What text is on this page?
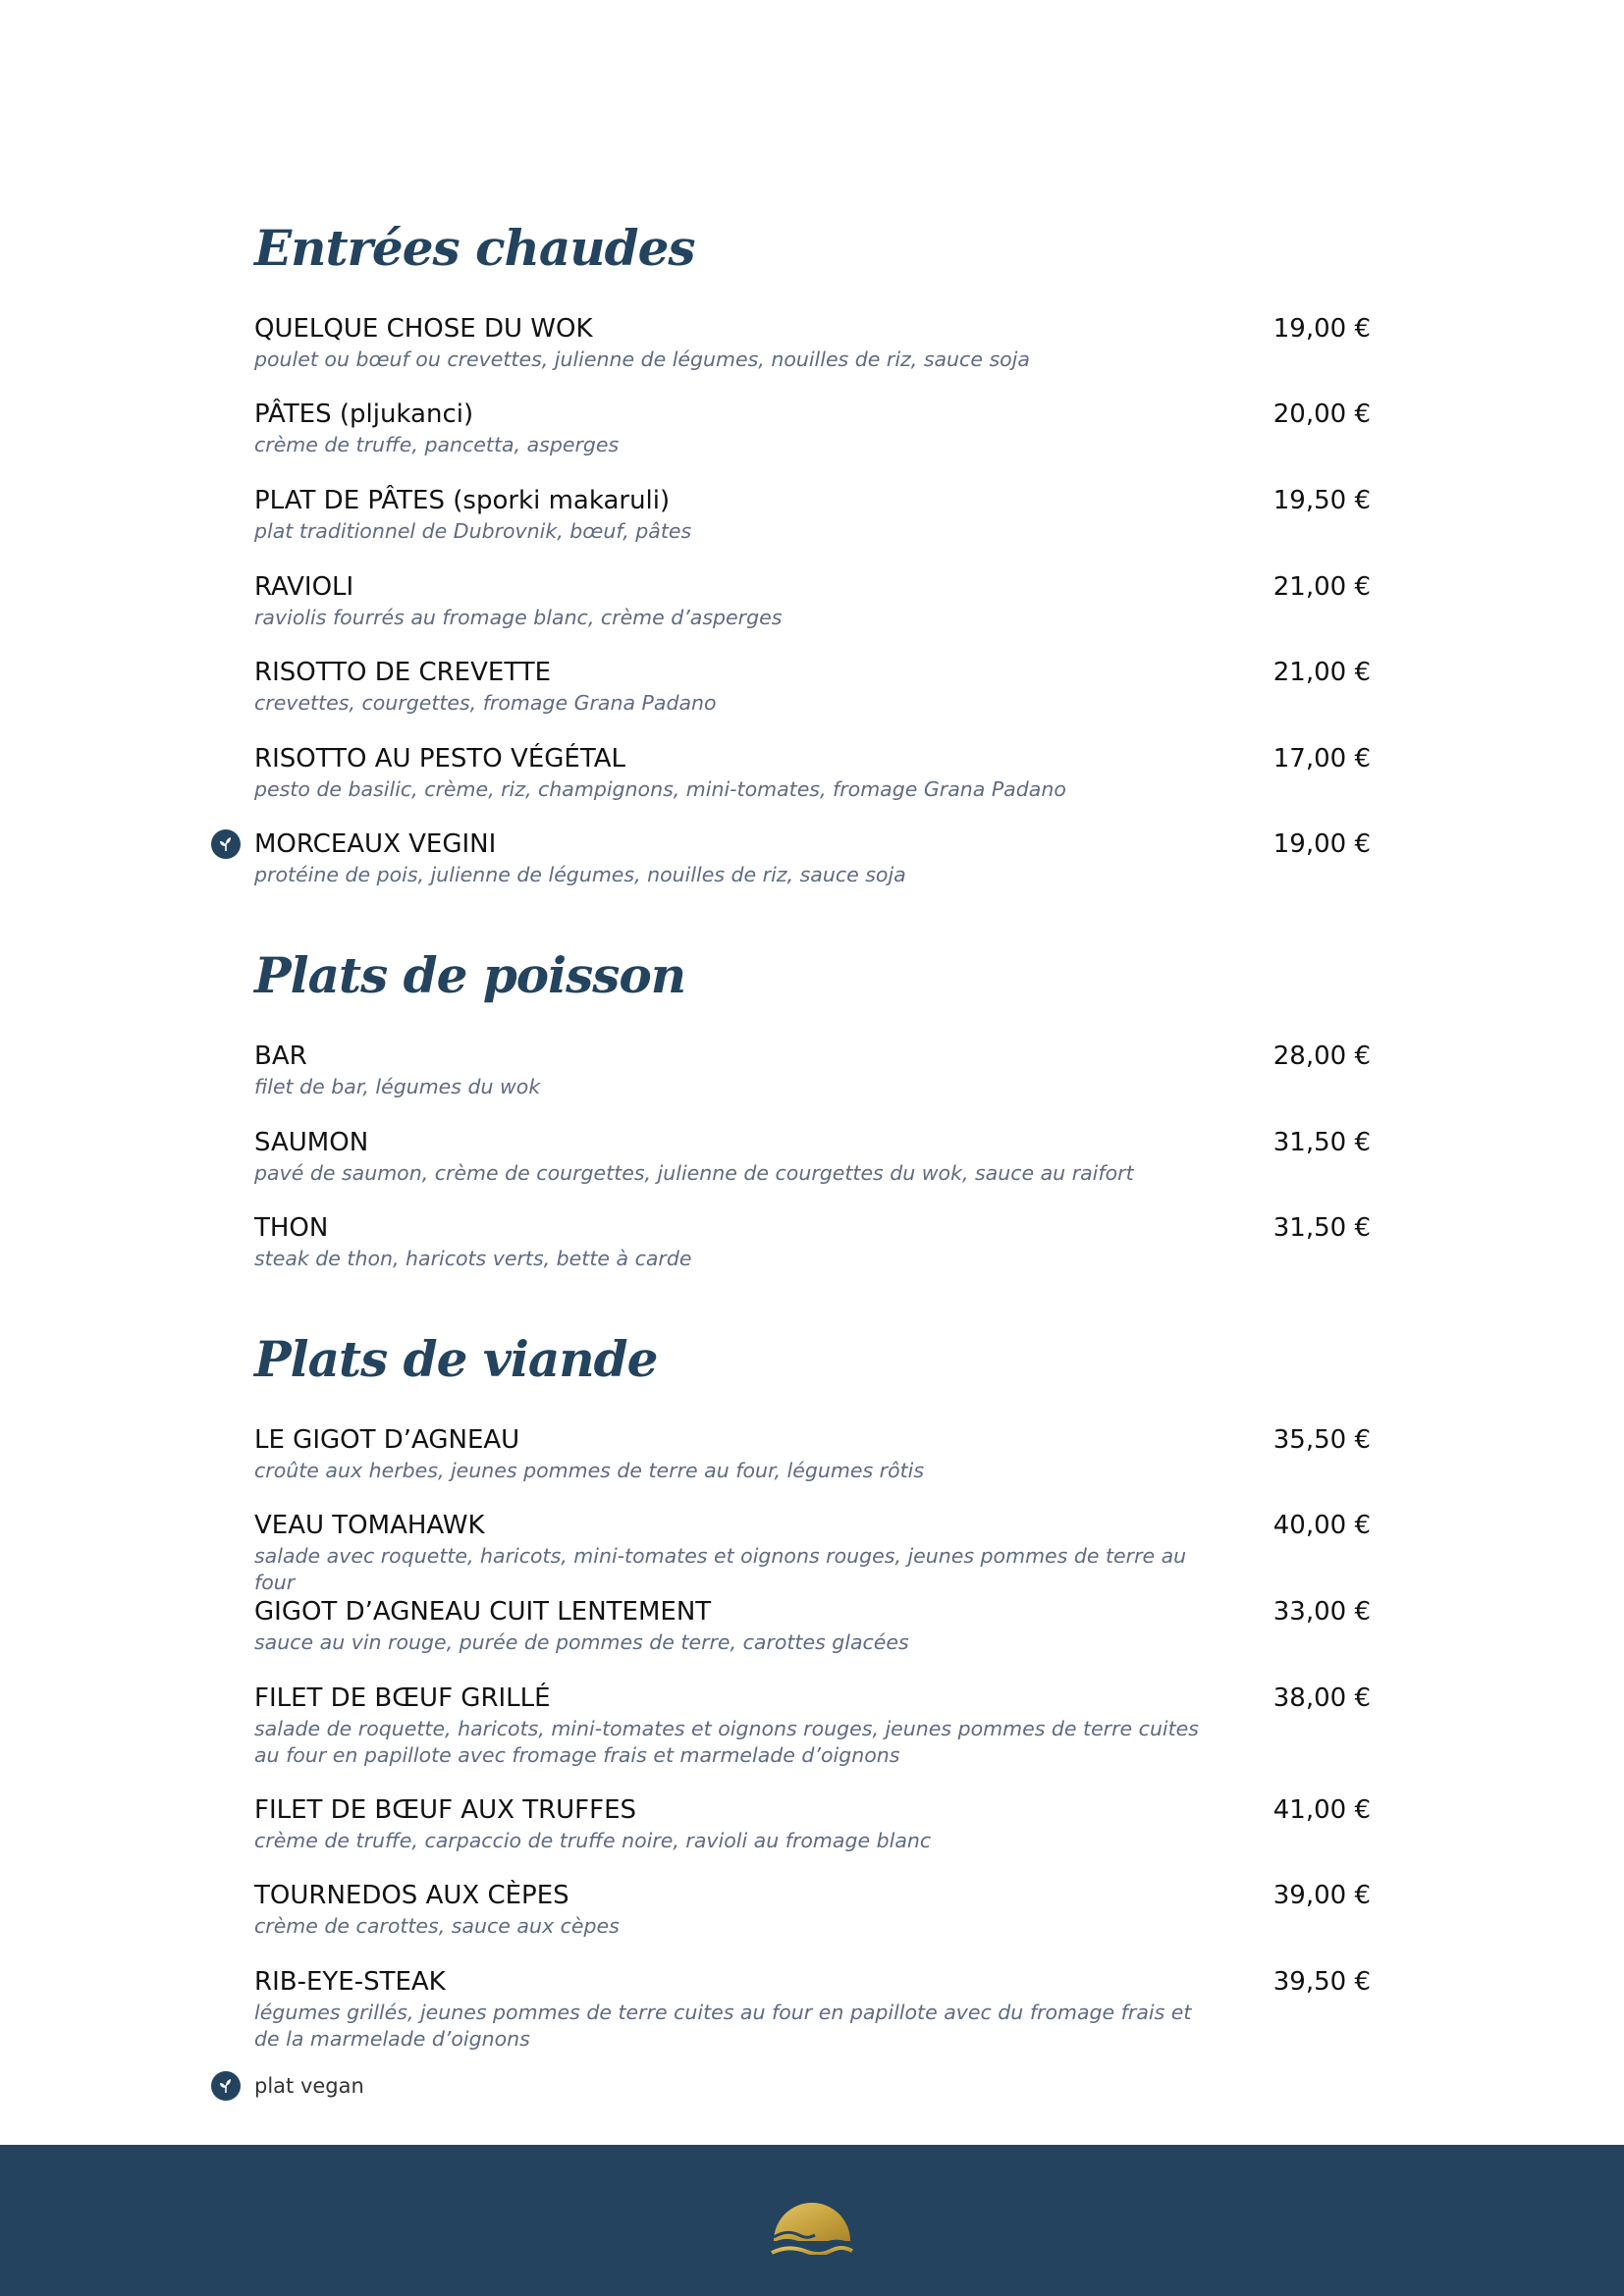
Entrées chaudes
QUELQUE CHOSE DU WOK
poulet ou bœuf ou crevettes, julienne de légumes, nouilles de riz, sauce soja
19,00 €
PÂTES (pljukanci)
crème de truffe, pancetta, asperges
20,00 €
PLAT DE PÂTES (sporki makaruli)
plat traditionnel de Dubrovnik, bœuf, pâtes
19,50 €
RAVIOLI
raviolis fourrés au fromage blanc, crème d’asperges
21,00 €
RISOTTO DE CREVETTE
crevettes, courgettes, fromage Grana Padano
21,00 €
RISOTTO AU PESTO VÉGÉTAL
pesto de basilic, crème, riz, champignons, mini-tomates, fromage Grana Padano
17,00 €
MORCEAUX VEGINI
protéine de pois, julienne de légumes, nouilles de riz, sauce soja
19,00 €
Plats de poisson
BAR
filet de bar, légumes du wok
28,00 €
SAUMON
pavé de saumon, crème de courgettes, julienne de courgettes du wok, sauce au raifort
31,50 €
THON
steak de thon, haricots verts, bette à carde
31,50 €
Plats de viande
LE GIGOT D’AGNEAU
croûte aux herbes, jeunes pommes de terre au four, légumes rôtis
35,50 €
VEAU TOMAHAWK
salade avec roquette, haricots, mini-tomates et oignons rouges, jeunes pommes de terre au four
40,00 €
GIGOT D’AGNEAU CUIT LENTEMENT
sauce au vin rouge, purée de pommes de terre, carottes glacées
33,00 €
FILET DE BŒUF GRILLÉ
salade de roquette, haricots, mini-tomates et oignons rouges, jeunes pommes de terre cuites au four en papillote avec fromage frais et marmelade d’oignons
38,00 €
FILET DE BŒUF AUX TRUFFES
crème de truffe, carpaccio de truffe noire, ravioli au fromage blanc
41,00 €
TOURNEDOS AUX CÈPES
crème de carottes, sauce aux cèpes
39,00 €
RIB-EYE-STEAK
légumes grillés, jeunes pommes de terre cuites au four en papillote avec du fromage frais et de la marmelade d’oignons
39,50 €
plat vegan
